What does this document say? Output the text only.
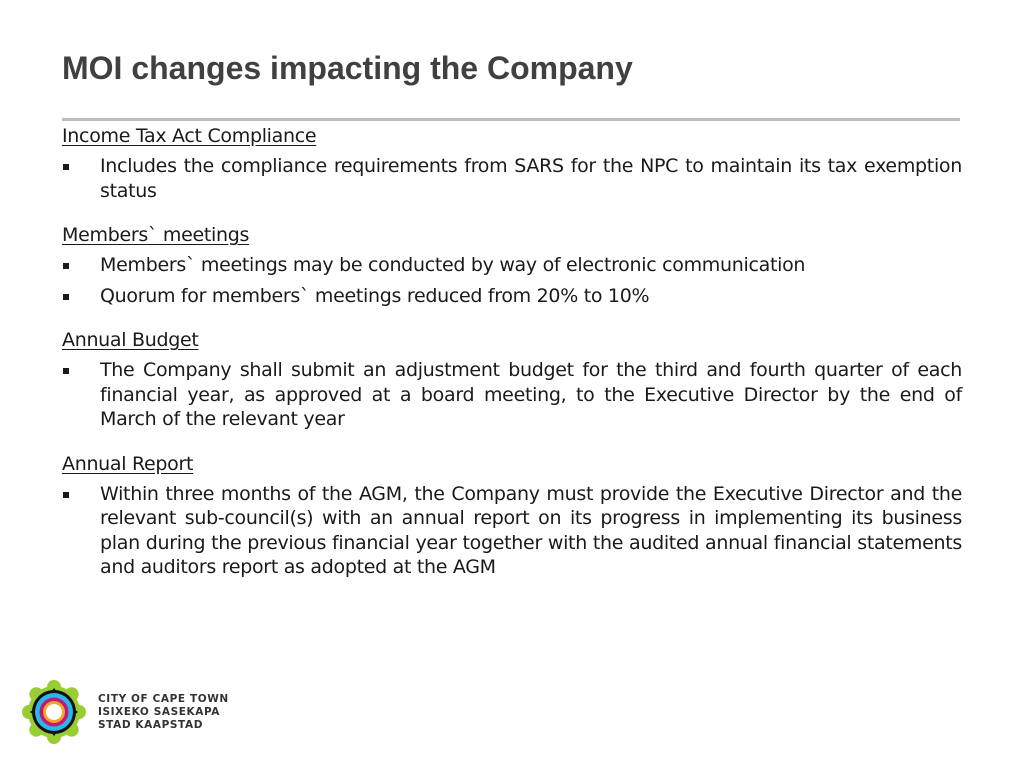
MOI changes impacting the Company
Income Tax Act Compliance
Includes the compliance requirements from SARS for the NPC to maintain its tax exemption status
Members` meetings
Members` meetings may be conducted by way of electronic communication
Quorum for members` meetings reduced from 20% to 10%
Annual Budget
The Company shall submit an adjustment budget for the third and fourth quarter of each financial year, as approved at a board meeting, to the Executive Director by the end of March of the relevant year
Annual Report
Within three months of the AGM, the Company must provide the Executive Director and the relevant sub-council(s) with an annual report on its progress in implementing its business plan during the previous financial year together with the audited annual financial statements and auditors report as adopted at the AGM
CITY OF CAPE TOWN
ISIXEKO SASEKAPA
STAD KAAPSTAD
